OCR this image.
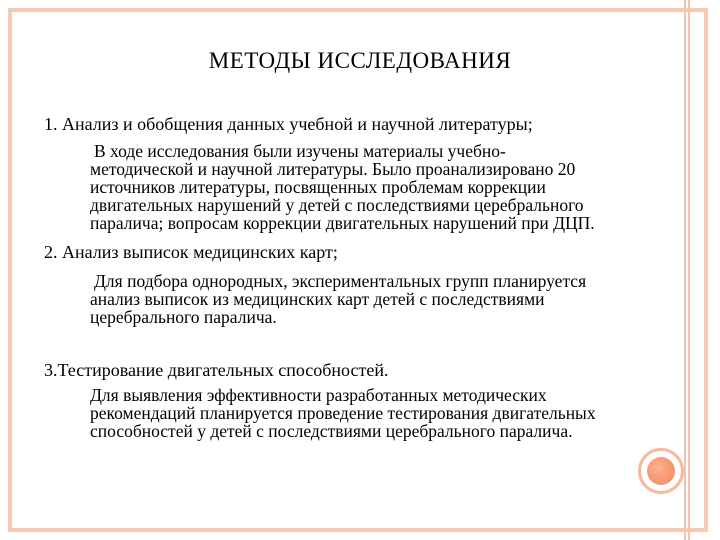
МЕТОДЫ ИССЛЕДОВАНИЯ
1. Анализ и обобщения данных учебной и научной литературы;
В ходе исследования были изучены материалы учебно-
методической и научной литературы. Было проанализировано 20
источников литературы, посвященных проблемам коррекции
двигательных нарушений у детей с последствиями церебрального
паралича; вопросам коррекции двигательных нарушений при ДЦП.
2. Анализ выписок медицинских карт;
Для подбора однородных, экспериментальных групп планируется
анализ выписок из медицинских карт детей с последствиями
церебрального паралича.
3.Тестирование двигательных способностей.
Для выявления эффективности разработанных методических
рекомендаций планируется проведение тестирования двигательных
способностей у детей с последствиями церебрального паралича.
